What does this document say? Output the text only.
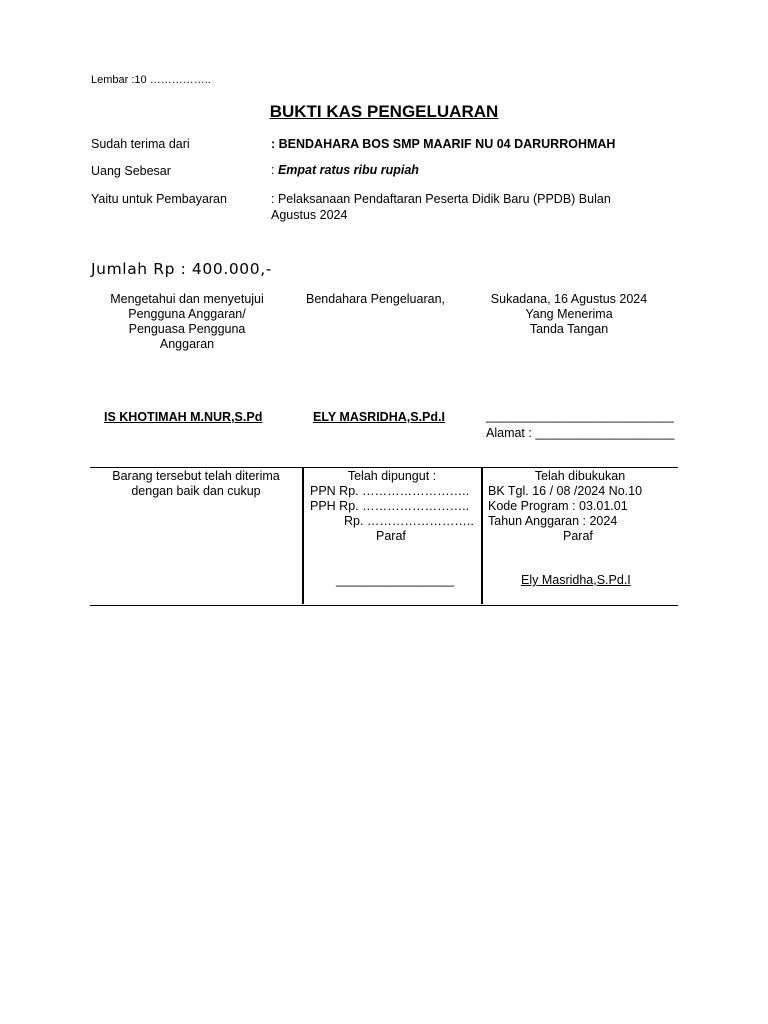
Lembar :10 ……………..
BUKTI KAS PENGELUARAN
Sudah terima dari	: BENDAHARA BOS SMP MAARIF NU 04 DARURROHMAH
Uang Sebesar	: Empat ratus ribu rupiah
Yaitu untuk Pembayaran	: Pelaksanaan Pendaftaran Peserta Didik Baru (PPDB) Bulan
Agustus 2024
Jumlah Rp : 400.000,-
Mengetahui dan menyetujui
Pengguna Anggaran/
Penguasa Pengguna
Anggaran
Bendahara Pengeluaran,	Sukadana, 16 Agustus 2024
Yang Menerima
Tanda Tangan
IS KHOTIMAH M.NUR,S.Pd	ELY MASRIDHA,S.Pd.I	___________________________
Alamat : ____________________
Barang tersebut telah diterima
dengan baik dan cukup
Telah dipungut :
PPN Rp. ……………………..
PPH Rp. ……………………..
Rp. ……………………..
Paraf
_________________
Telah dibukukan
BK Tgl. 16 / 08 /2024 No.10
Kode Program : 03.01.01
Tahun Anggaran : 2024
Paraf
Ely Masridha,S.Pd.I
